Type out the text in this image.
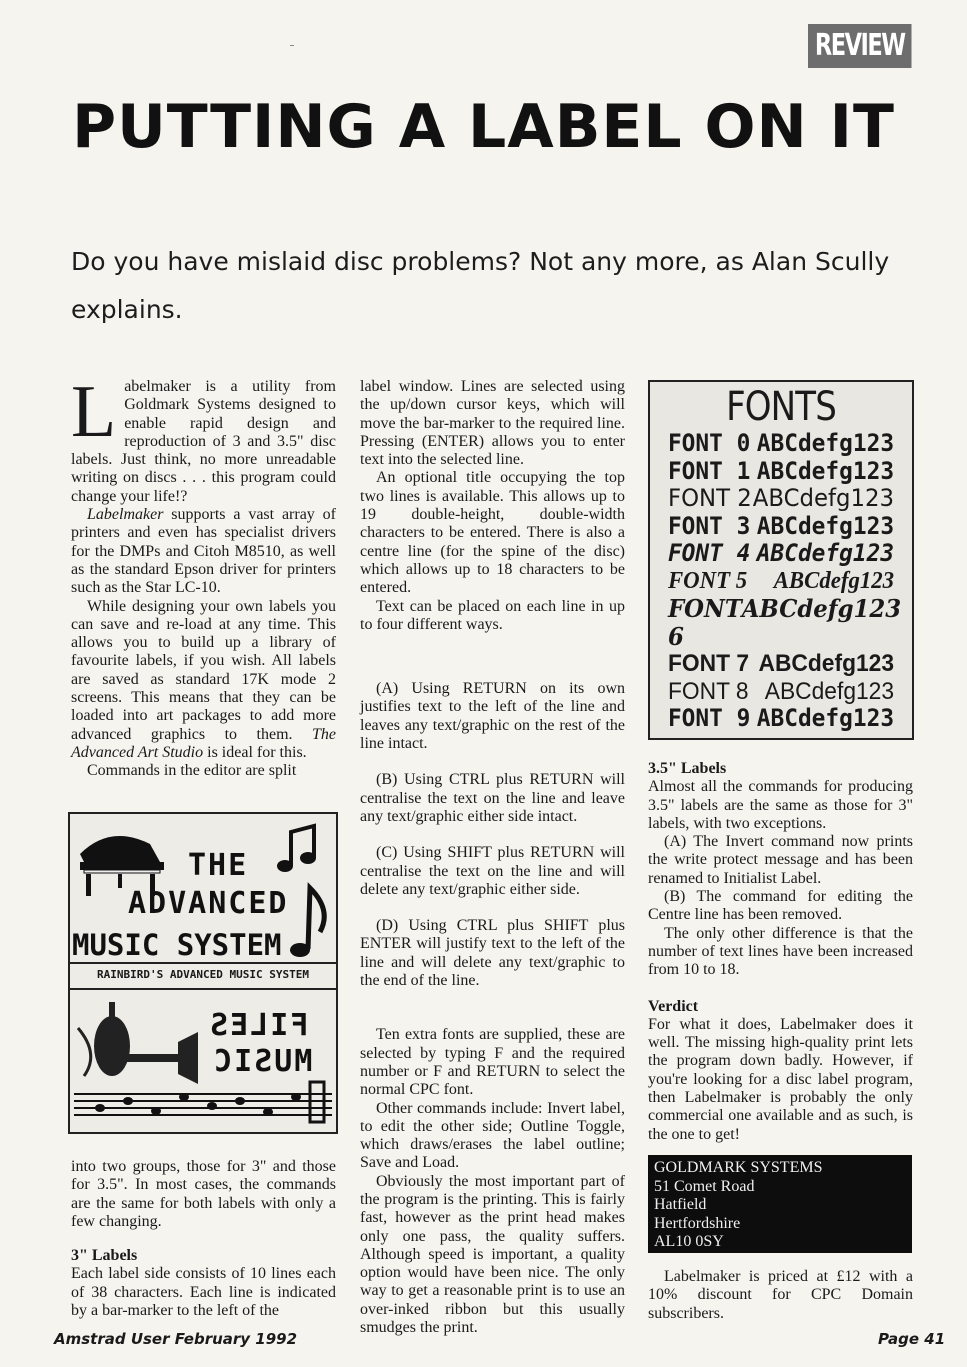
REVIEW
PUTTING A LABEL ON IT
Do you have mislaid disc problems? Not any more, as Alan Scully explains.

Labelmaker is a utility from Goldmark Systems designed to enable rapid design and reproduction of 3 and 3.5" disc labels. Just think, no more unreadable writing on discs . . . this program could change your life!?

Labelmaker supports a vast array of printers and even has specialist drivers for the DMPs and Citoh M8510, as well as the standard Epson driver for printers such as the Star LC-10.

While designing your own labels you can save and re-load at any time. This allows you to build up a library of favourite labels, if you wish. All labels are saved as standard 17K mode 2 screens. This means that they can be loaded into art packages to add more advanced graphics to them. The Advanced Art Studio is ideal for this.

Commands in the editor are split

THE
ADVANCED
MUSIC SYSTEM
RAINBIRD'S ADVANCED MUSIC SYSTEM
FILES
MUSIC

into two groups, those for 3" and those for 3.5". In most cases, the commands are the same for both labels with only a few changing.

3" Labels

Each label side consists of 10 lines each of 38 characters. Each line is indicated by a bar-marker to the left of the

label window. Lines are selected using the up/down cursor keys, which will move the bar-marker to the required line. Pressing (ENTER) allows you to enter text into the selected line.

An optional title occupying the top two lines is available. This allows up to 19 double-height, double-width characters to be entered. There is also a centre line (for the spine of the disc) which allows up to 18 characters to be entered.

Text can be placed on each line in up to four different ways.

(A) Using RETURN on its own justifies text to the left of the line and leaves any text/graphic on the rest of the line intact.

(B) Using CTRL plus RETURN will centralise the text on the line and leave any text/graphic either side intact.

(C) Using SHIFT plus RETURN will centralise the text on the line and will delete any text/graphic either side.

(D) Using CTRL plus SHIFT plus ENTER will justify text to the left of the line and will delete any text/graphic to the end of the line.

Ten extra fonts are supplied, these are selected by typing F and the required number or F and RETURN to select the normal CPC font.

Other commands include: Invert label, to edit the other side; Outline Toggle, which draws/erases the label outline; Save and Load.

Obviously the most important part of the program is the printing. This is fairly fast, however as the print head makes only one pass, the quality suffers. Although speed is important, a quality option would have been nice. The only way to get a reasonable print is to use an over-inked ribbon but this usually smudges the print.

FONTS
FONT 0 ABCdefg123
FONT 1 ABCdefg123
FONT 2 ABCdefg123
FONT 3 ABCdefg123
FONT 4 ABCdefg123
FONT 5 ABCdefg123
FONT 6
ABCdefg123
FONT 7 ABCdefg123
FONT 8 ABCdefg123
FONT 9 ABCdefg123
3.5" Labels

Almost all the commands for producing 3.5" labels are the same as those for 3" labels, with two exceptions.

(A) The Invert command now prints the write protect message and has been renamed to Initialist Label.

(B) The command for editing the Centre line has been removed.

The only other difference is that the number of text lines have been increased from 10 to 18.

Verdict

For what it does, Labelmaker does it well. The missing high-quality print lets the program down badly. However, if you're looking for a disc label program, then Labelmaker is probably the only commercial one available and as such, is the one to get!

GOLDMARK SYSTEMS
51 Comet Road
Hatfield
Hertfordshire
AL10 0SY

Labelmaker is priced at £12 with a 10% discount for CPC Domain subscribers.

Amstrad User February 1992	Page 41
